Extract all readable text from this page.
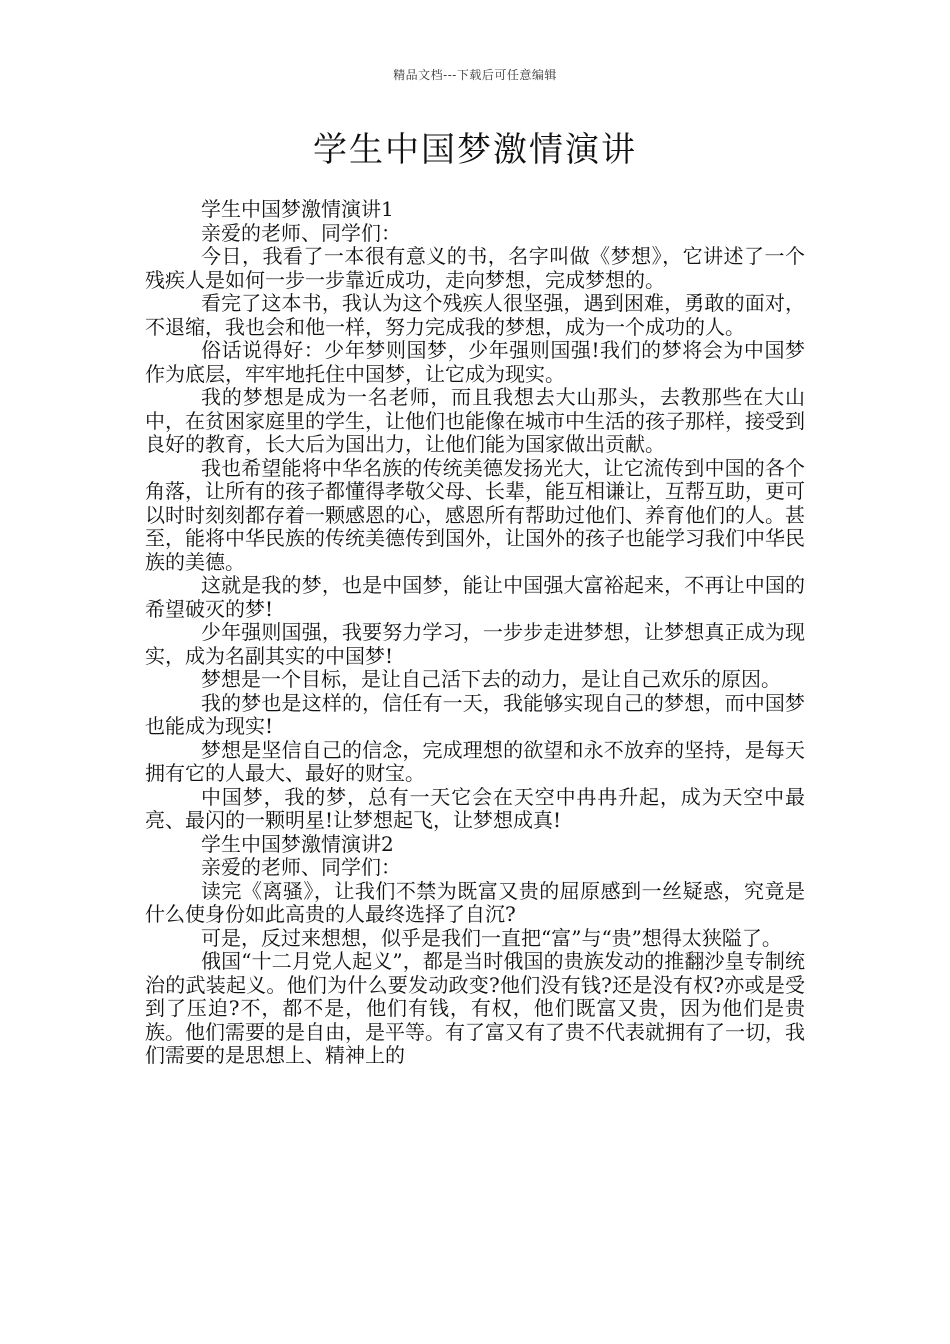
精品文档---下载后可任意编辑
学生中国梦激情演讲

学生中国梦激情演讲1

亲爱的老师、同学们：

今日，我看了一本很有意义的书，名字叫做《梦想》，它讲述了一个残疾人是如何一步一步靠近成功，走向梦想，完成梦想的。

看完了这本书，我认为这个残疾人很坚强，遇到困难，勇敢的面对，不退缩，我也会和他一样，努力完成我的梦想，成为一个成功的人。

俗话说得好：少年梦则国梦，少年强则国强!我们的梦将会为中国梦作为底层，牢牢地托住中国梦，让它成为现实。

我的梦想是成为一名老师，而且我想去大山那头，去教那些在大山中，在贫困家庭里的学生，让他们也能像在城市中生活的孩子那样，接受到良好的教育，长大后为国出力，让他们能为国家做出贡献。

我也希望能将中华名族的传统美德发扬光大，让它流传到中国的各个角落，让所有的孩子都懂得孝敬父母、长辈，能互相谦让，互帮互助，更可以时时刻刻都存着一颗感恩的心，感恩所有帮助过他们、养育他们的人。甚至，能将中华民族的传统美德传到国外，让国外的孩子也能学习我们中华民族的美德。

这就是我的梦，也是中国梦，能让中国强大富裕起来，不再让中国的希望破灭的梦!

少年强则国强，我要努力学习，一步步走进梦想，让梦想真正成为现实，成为名副其实的中国梦!

梦想是一个目标，是让自己活下去的动力，是让自己欢乐的原因。

我的梦也是这样的，信任有一天，我能够实现自己的梦想，而中国梦也能成为现实!

梦想是坚信自己的信念，完成理想的欲望和永不放弃的坚持，是每天拥有它的人最大、最好的财宝。

中国梦，我的梦，总有一天它会在天空中冉冉升起，成为天空中最亮、最闪的一颗明星!让梦想起飞，让梦想成真!

学生中国梦激情演讲2

亲爱的老师、同学们：

读完《离骚》，让我们不禁为既富又贵的屈原感到一丝疑惑，究竟是什么使身份如此高贵的人最终选择了自沉?

可是，反过来想想，似乎是我们一直把“富”与“贵”想得太狭隘了。

俄国“十二月党人起义”，都是当时俄国的贵族发动的推翻沙皇专制统治的武装起义。他们为什么要发动政变?他们没有钱?还是没有权?亦或是受到了压迫?不，都不是，他们有钱，有权，他们既富又贵，因为他们是贵族。他们需要的是自由，是平等。有了富又有了贵不代表就拥有了一切，我们需要的是思想上、精神上的
